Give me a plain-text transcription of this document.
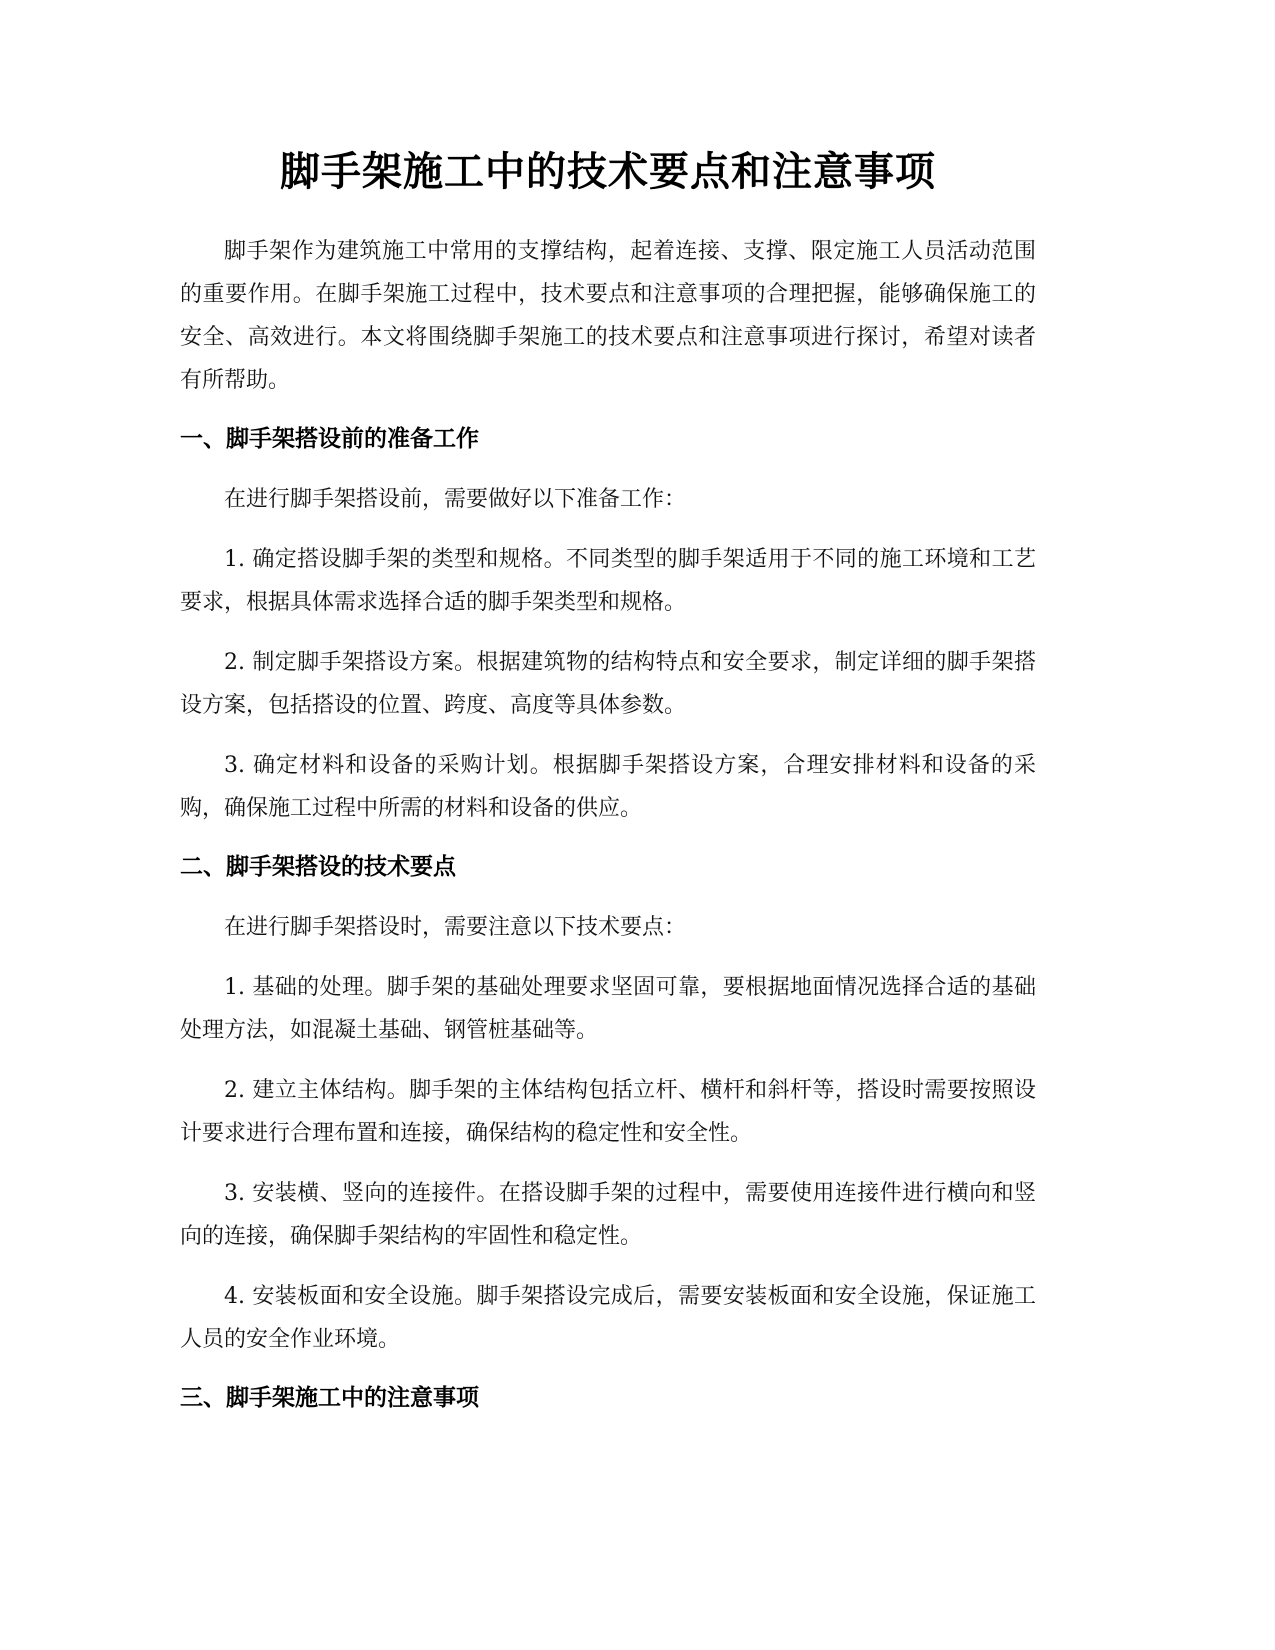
脚手架施工中的技术要点和注意事项

脚手架作为建筑施工中常用的支撑结构，起着连接、支撑、限定施工人员活动范围的重要作用。在脚手架施工过程中，技术要点和注意事项的合理把握，能够确保施工的安全、高效进行。本文将围绕脚手架施工的技术要点和注意事项进行探讨，希望对读者有所帮助。

一、脚手架搭设前的准备工作

在进行脚手架搭设前，需要做好以下准备工作：

1. 确定搭设脚手架的类型和规格。不同类型的脚手架适用于不同的施工环境和工艺要求，根据具体需求选择合适的脚手架类型和规格。

2. 制定脚手架搭设方案。根据建筑物的结构特点和安全要求，制定详细的脚手架搭设方案，包括搭设的位置、跨度、高度等具体参数。

3. 确定材料和设备的采购计划。根据脚手架搭设方案，合理安排材料和设备的采购，确保施工过程中所需的材料和设备的供应。

二、脚手架搭设的技术要点

在进行脚手架搭设时，需要注意以下技术要点：

1. 基础的处理。脚手架的基础处理要求坚固可靠，要根据地面情况选择合适的基础处理方法，如混凝土基础、钢管桩基础等。

2. 建立主体结构。脚手架的主体结构包括立杆、横杆和斜杆等，搭设时需要按照设计要求进行合理布置和连接，确保结构的稳定性和安全性。

3. 安装横、竖向的连接件。在搭设脚手架的过程中，需要使用连接件进行横向和竖向的连接，确保脚手架结构的牢固性和稳定性。

4. 安装板面和安全设施。脚手架搭设完成后，需要安装板面和安全设施，保证施工人员的安全作业环境。

三、脚手架施工中的注意事项
